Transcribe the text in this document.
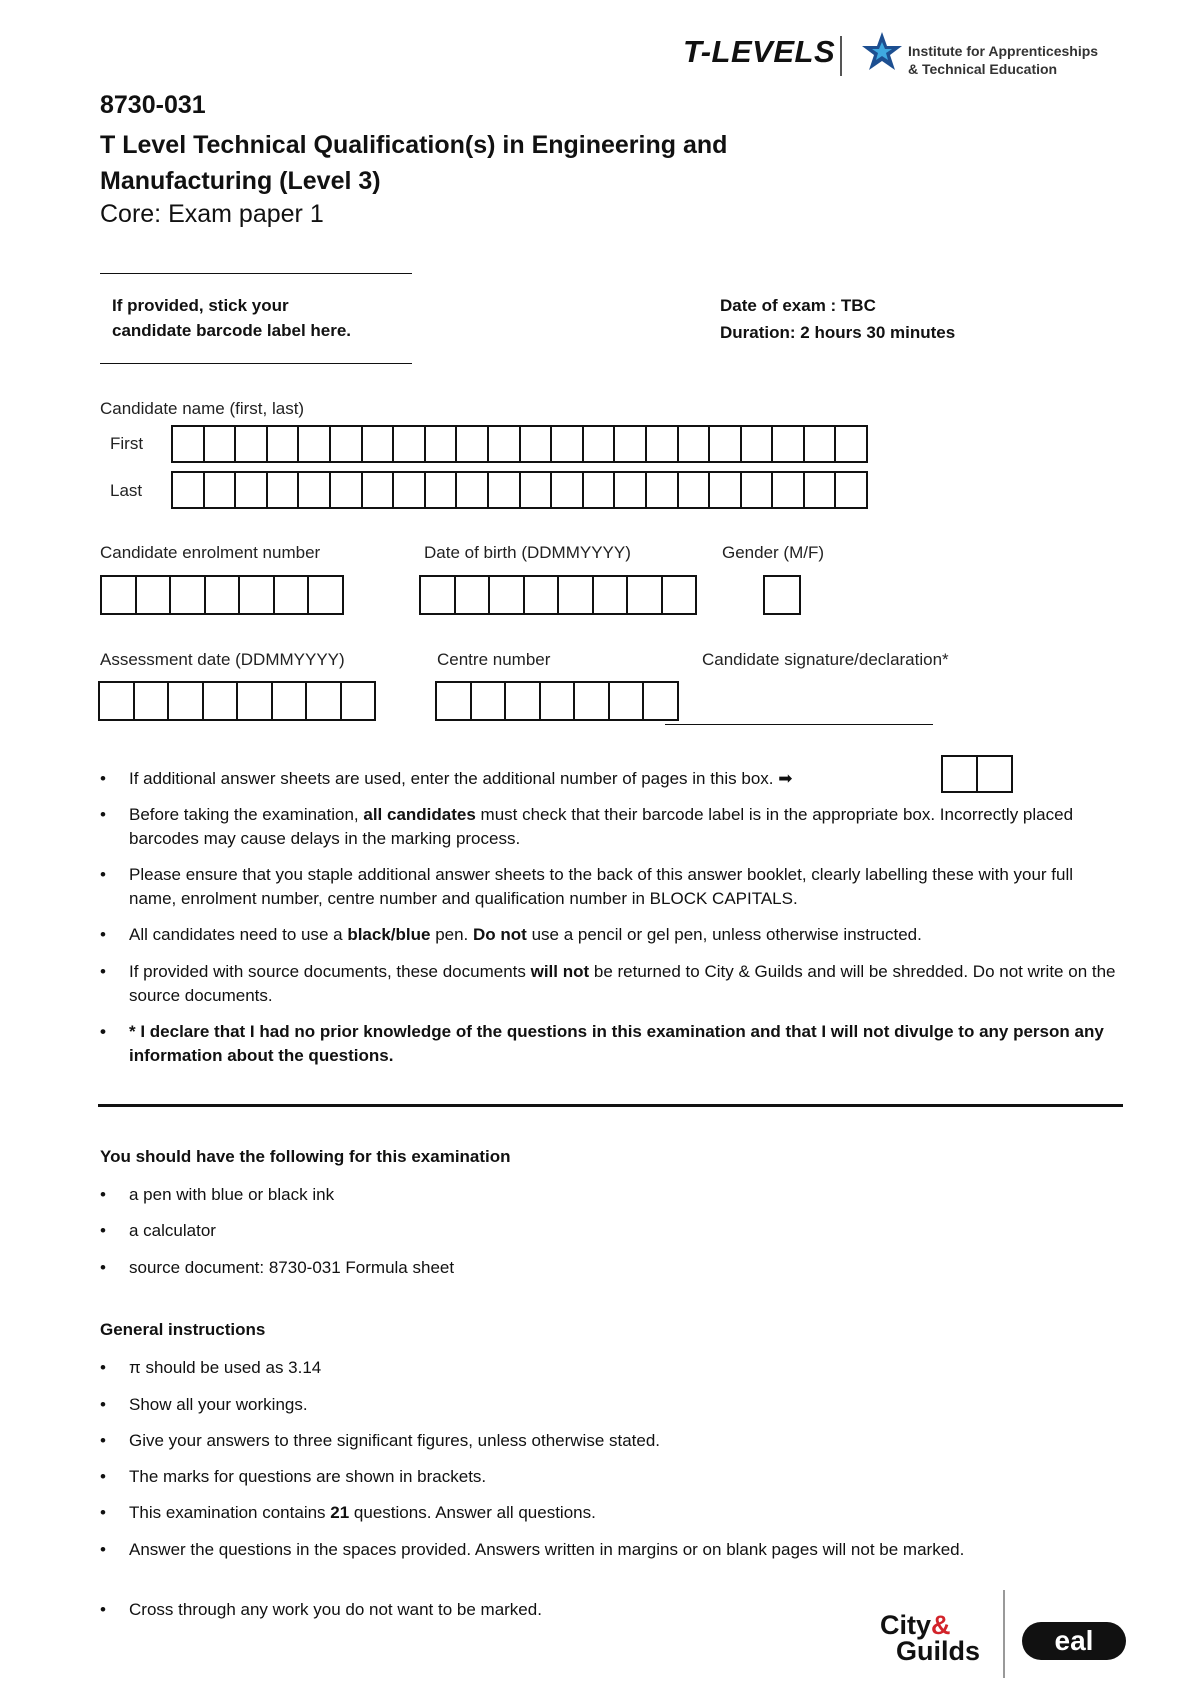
T-LEVELS	Institute for Apprenticeships
& Technical Education
8730-031
T Level Technical Qualification(s) in Engineering and Manufacturing (Level 3)
Core: Exam paper 1
If provided, stick your
candidate barcode label here.
Date of exam : TBC
Duration: 2 hours 30 minutes
Candidate name (first, last)
First
Last
Candidate enrolment number	Date of birth (DDMMYYYY)	Gender (M/F)
Assessment date (DDMMYYYY)	Centre number	Candidate signature/declaration*
• If additional answer sheets are used, enter the additional number of pages in this box. ➡
• Before taking the examination, all candidates must check that their barcode label is in the appropriate box. Incorrectly placed barcodes may cause delays in the marking process.
• Please ensure that you staple additional answer sheets to the back of this answer booklet, clearly labelling these with your full name, enrolment number, centre number and qualification number in BLOCK CAPITALS.
• All candidates need to use a black/blue pen. Do not use a pencil or gel pen, unless otherwise instructed.
• If provided with source documents, these documents will not be returned to City & Guilds and will be shredded. Do not write on the source documents.
• * I declare that I had no prior knowledge of the questions in this examination and that I will not divulge to any person any information about the questions.
You should have the following for this examination
• a pen with blue or black ink
• a calculator
• source document: 8730-031 Formula sheet
General instructions
• π should be used as 3.14
• Show all your workings.
• Give your answers to three significant figures, unless otherwise stated.
• The marks for questions are shown in brackets.
• This examination contains 21 questions. Answer all questions.
• Answer the questions in the spaces provided. Answers written in margins or on blank pages will not be marked.
• Cross through any work you do not want to be marked.
City&
Guilds	eal
